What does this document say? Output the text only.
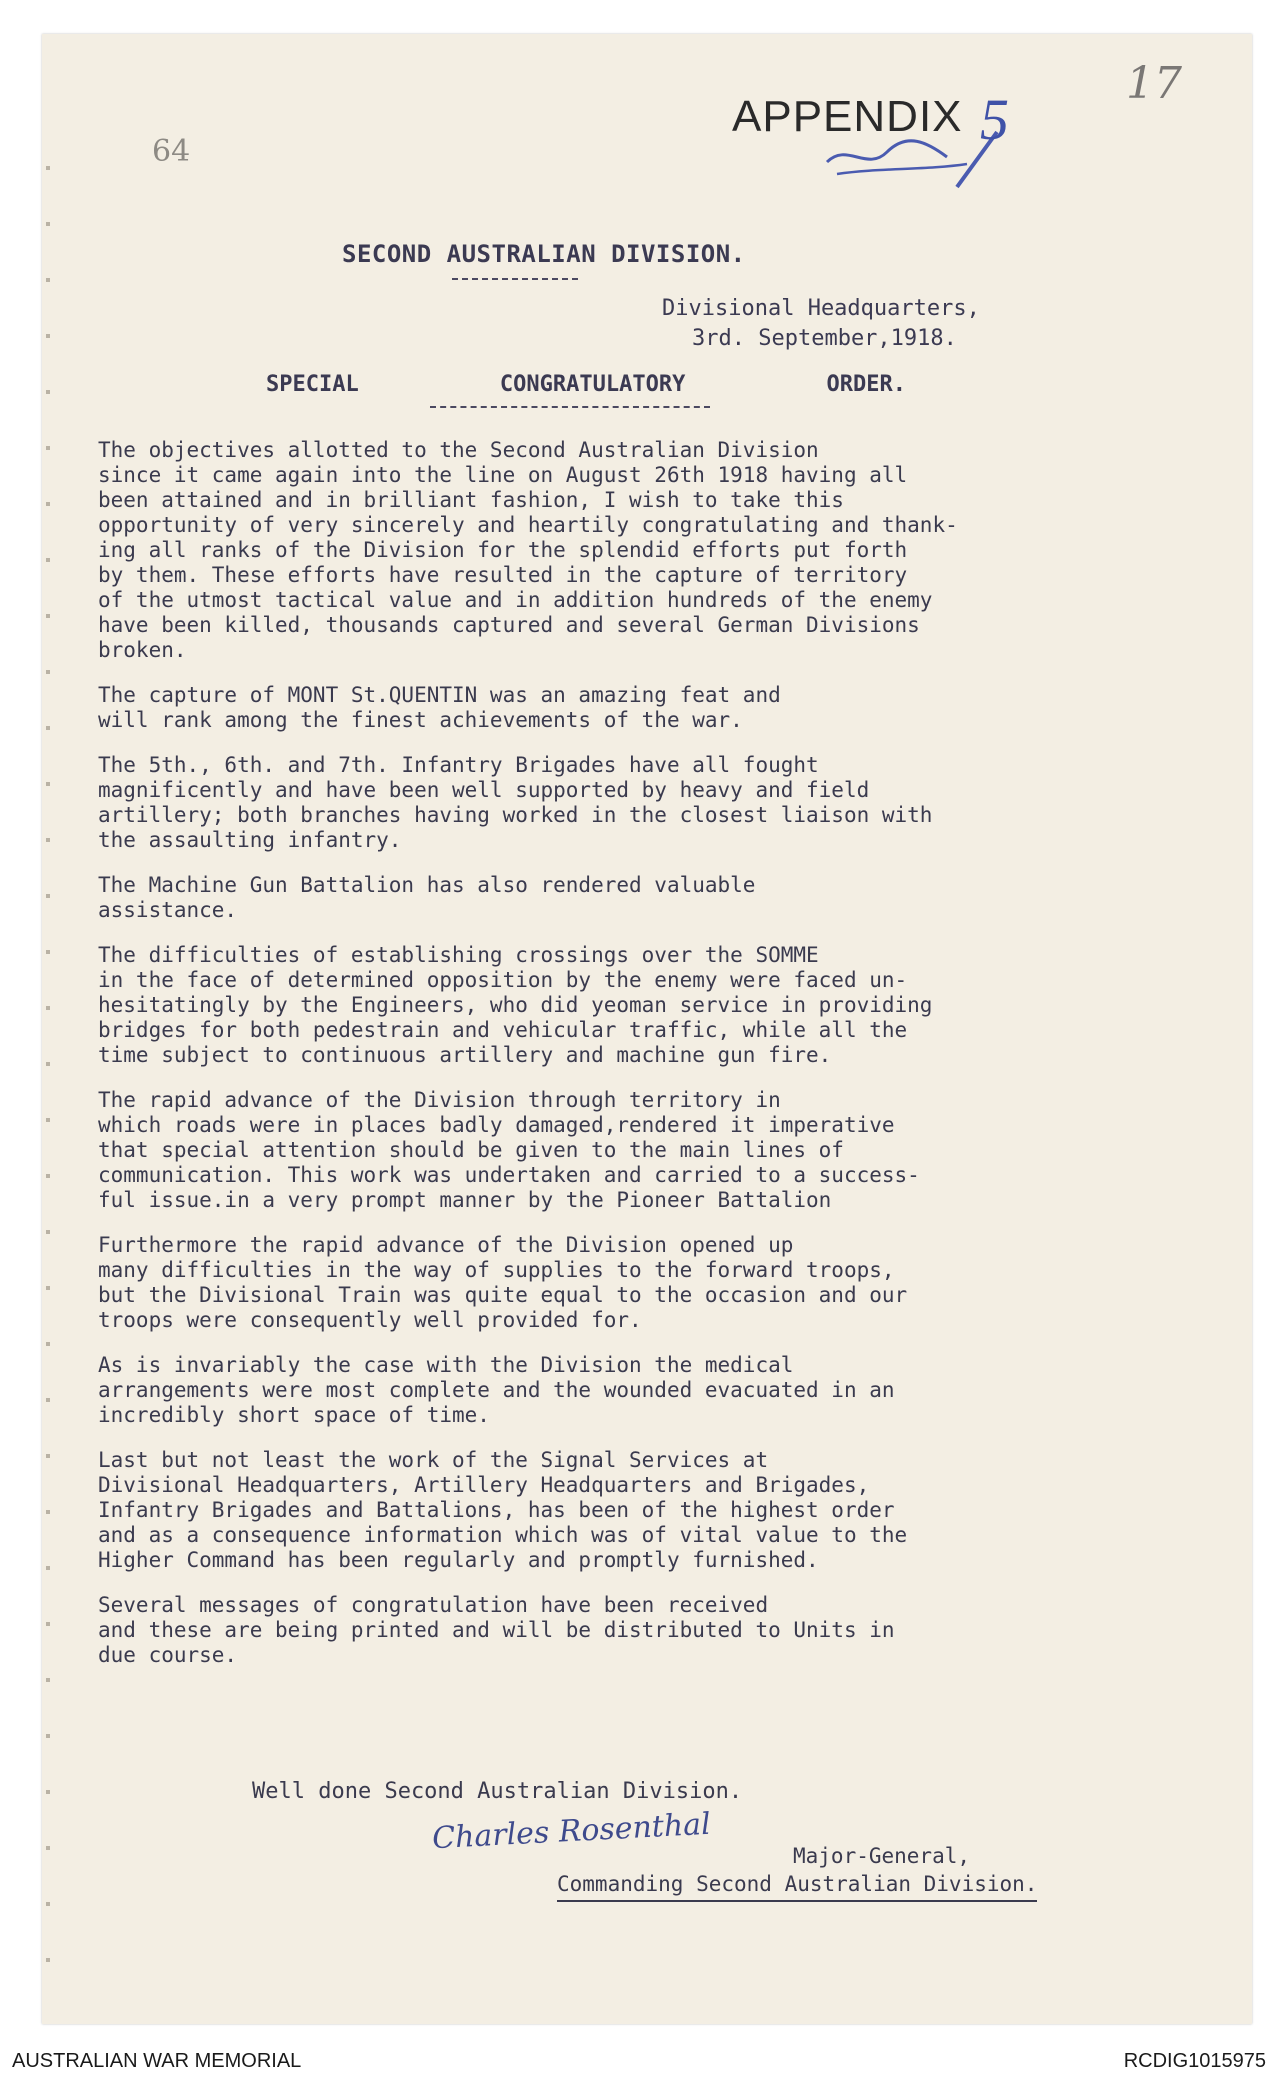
64
17
APPENDIX 5
SECOND AUSTRALIAN DIVISION.
Divisional Headquarters,
3rd. September,1918.
SPECIAL	CONGRATULATORY	ORDER.

The objectives allotted to the Second Australian Division
since it came again into the line on August 26th 1918 having all
been attained and in brilliant fashion, I wish to take this
opportunity of very sincerely and heartily congratulating and thank-
ing all ranks of the Division for the splendid efforts put forth
by them. These efforts have resulted in the capture of territory
of the utmost tactical value and in addition hundreds of the enemy
have been killed, thousands captured and several German Divisions
broken.

The capture of MONT St.QUENTIN was an amazing feat and
will rank among the finest achievements of the war.

The 5th., 6th. and 7th. Infantry Brigades have all fought
magnificently and have been well supported by heavy and field
artillery; both branches having worked in the closest liaison with
the assaulting infantry.

The Machine Gun Battalion has also rendered valuable
assistance.

The difficulties of establishing crossings over the SOMME
in the face of determined opposition by the enemy were faced un-
hesitatingly by the Engineers, who did yeoman service in providing
bridges for both pedestrain and vehicular traffic, while all the
time subject to continuous artillery and machine gun fire.

The rapid advance of the Division through territory in
which roads were in places badly damaged,rendered it imperative
that special attention should be given to the main lines of
communication. This work was undertaken and carried to a success-
ful issue.in a very prompt manner by the Pioneer Battalion

Furthermore the rapid advance of the Division opened up
many difficulties in the way of supplies to the forward troops,
but the Divisional Train was quite equal to the occasion and our
troops were consequently well provided for.

As is invariably the case with the Division the medical
arrangements were most complete and the wounded evacuated in an
incredibly short space of time.

Last but not least the work of the Signal Services at
Divisional Headquarters, Artillery Headquarters and Brigades,
Infantry Brigades and Battalions, has been of the highest order
and as a consequence information which was of vital value to the
Higher Command has been regularly and promptly furnished.

Several messages of congratulation have been received
and these are being printed and will be distributed to Units in
due course.

Well done Second Australian Division.
Charles Rosenthal	Major-General,
Commanding Second Australian Division.
AUSTRALIAN WAR MEMORIAL	RCDIG1015975
